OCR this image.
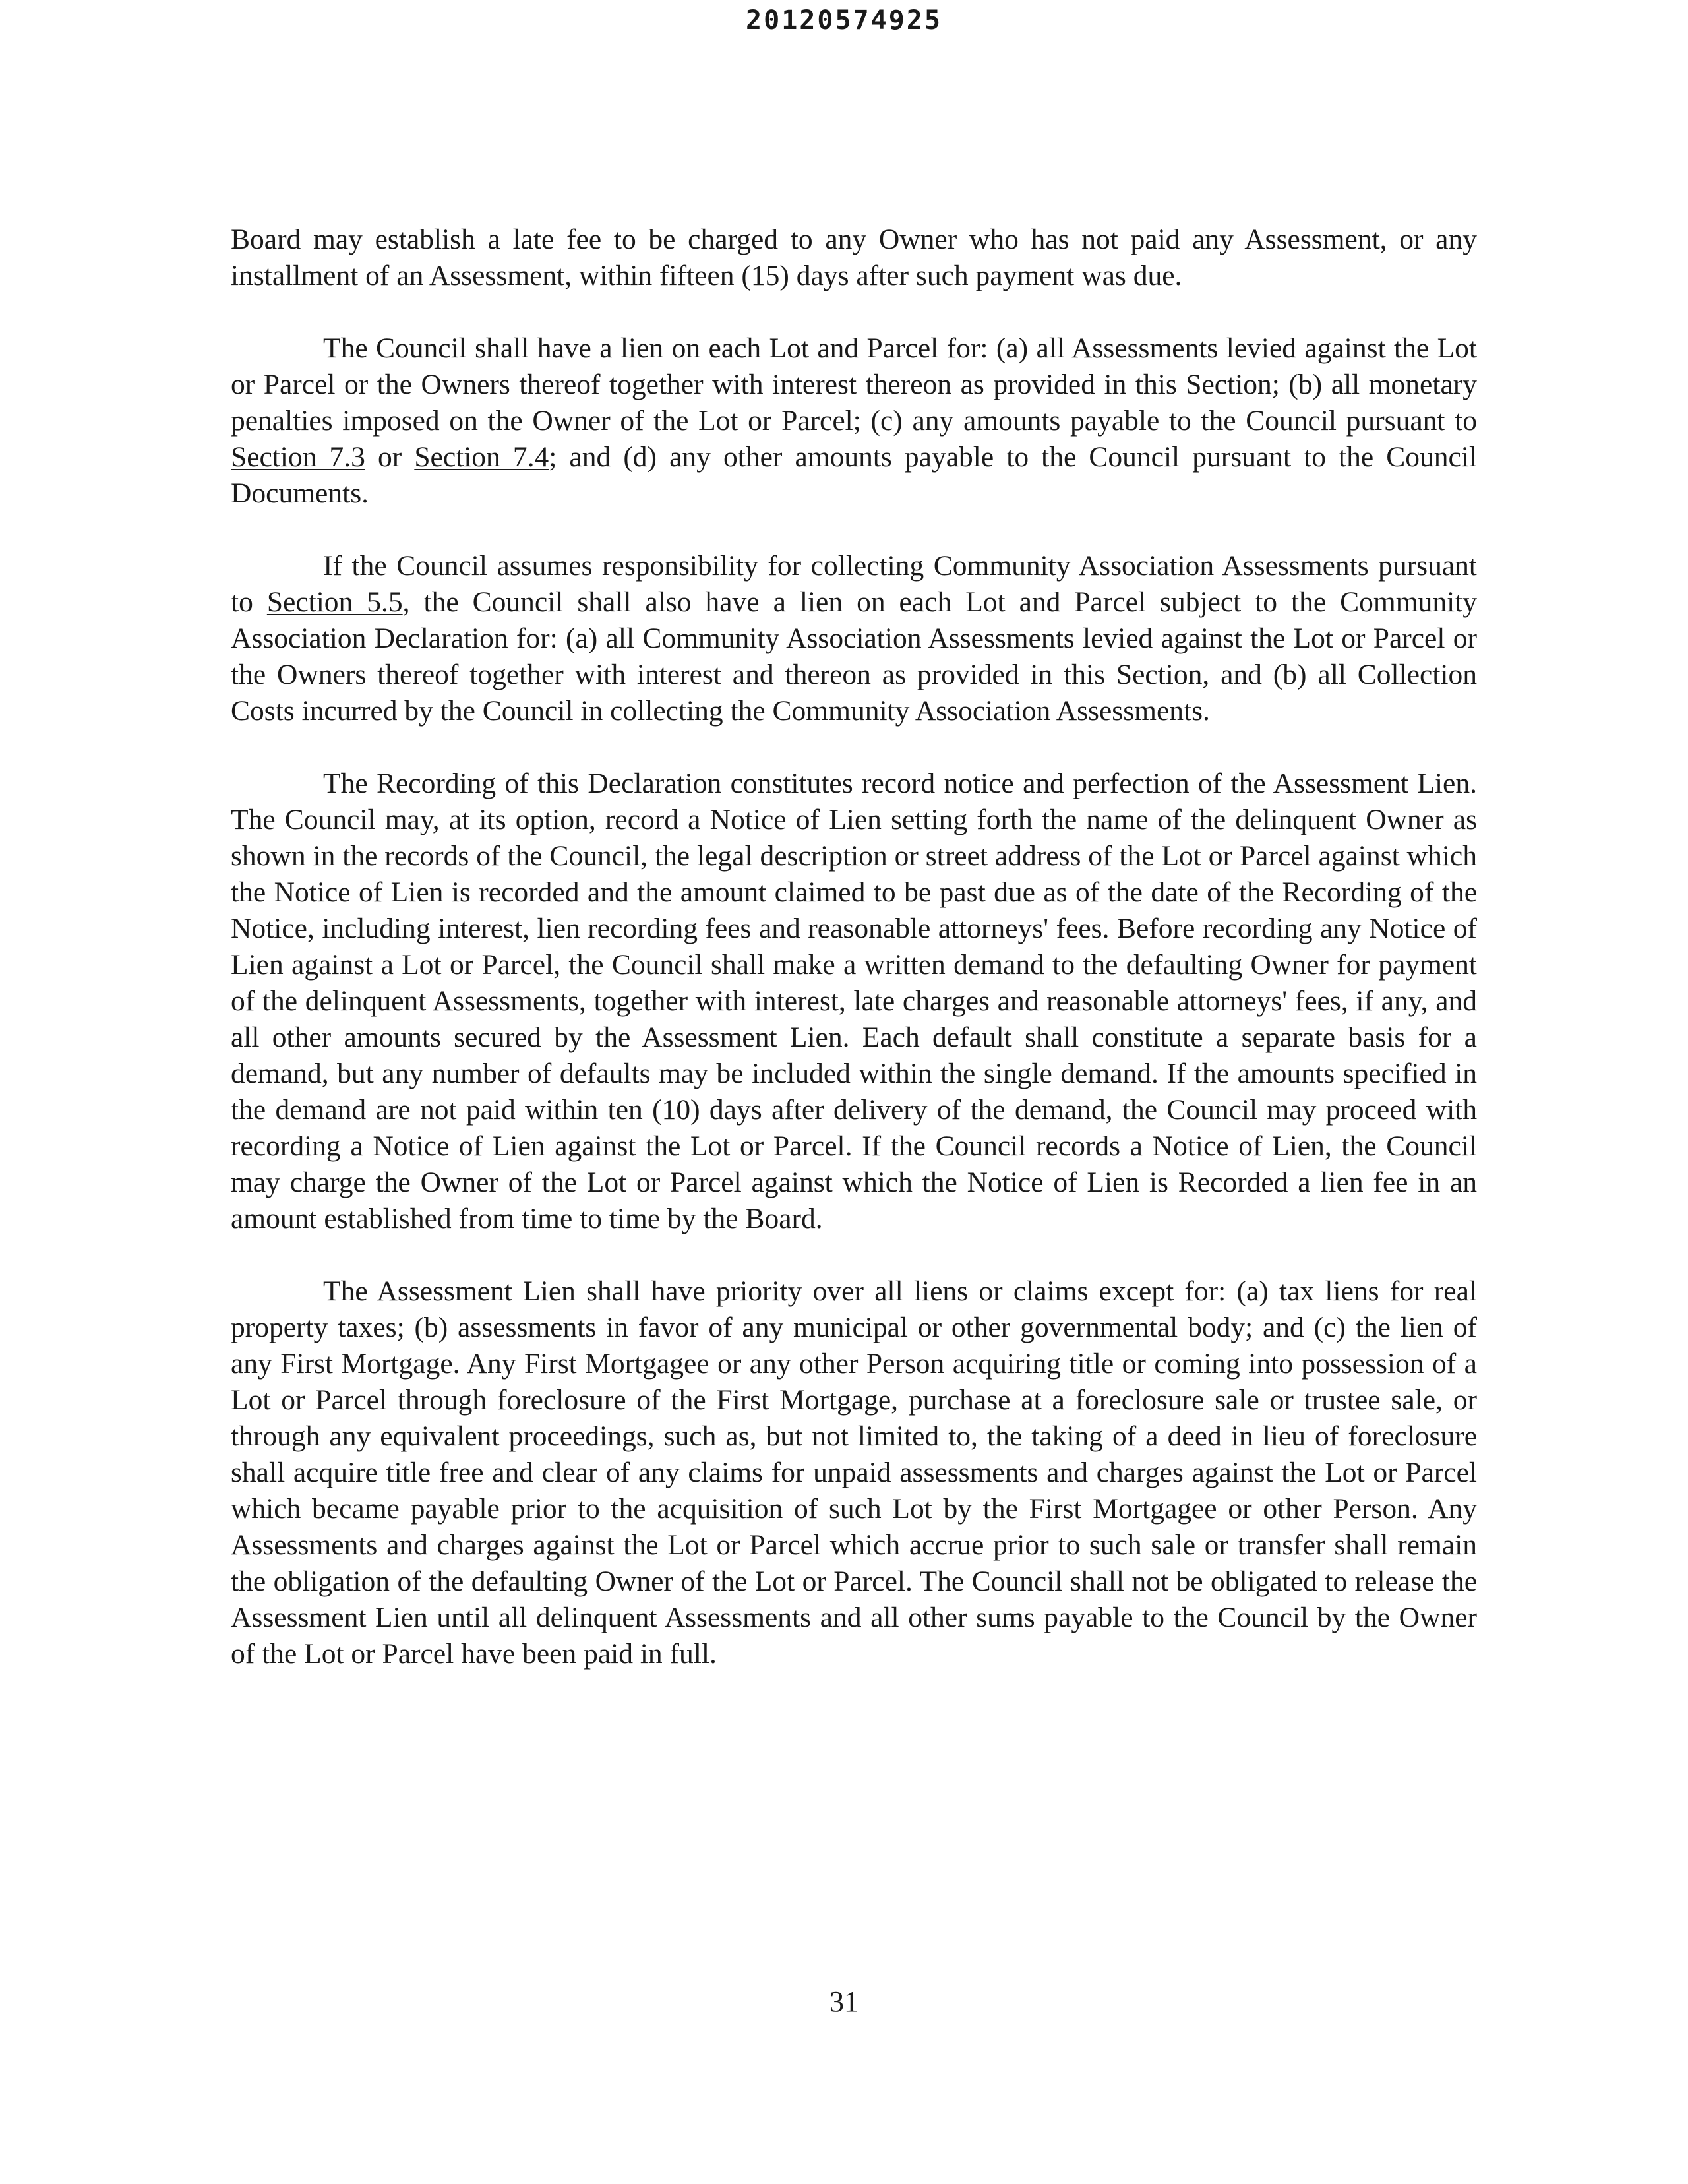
20120574925

Board may establish a late fee to be charged to any Owner who has not paid any Assessment, or any installment of an Assessment, within fifteen (15) days after such payment was due.

The Council shall have a lien on each Lot and Parcel for: (a) all Assessments levied against the Lot or Parcel or the Owners thereof together with interest thereon as provided in this Section; (b) all monetary penalties imposed on the Owner of the Lot or Parcel; (c) any amounts payable to the Council pursuant to Section 7.3 or Section 7.4; and (d) any other amounts payable to the Council pursuant to the Council Documents.

If the Council assumes responsibility for collecting Community Association Assessments pursuant to Section 5.5, the Council shall also have a lien on each Lot and Parcel subject to the Community Association Declaration for: (a) all Community Association Assessments levied against the Lot or Parcel or the Owners thereof together with interest and thereon as provided in this Section, and (b) all Collection Costs incurred by the Council in collecting the Community Association Assessments.

The Recording of this Declaration constitutes record notice and perfection of the Assessment Lien. The Council may, at its option, record a Notice of Lien setting forth the name of the delinquent Owner as shown in the records of the Council, the legal description or street address of the Lot or Parcel against which the Notice of Lien is recorded and the amount claimed to be past due as of the date of the Recording of the Notice, including interest, lien recording fees and reasonable attorneys' fees. Before recording any Notice of Lien against a Lot or Parcel, the Council shall make a written demand to the defaulting Owner for payment of the delinquent Assessments, together with interest, late charges and reasonable attorneys' fees, if any, and all other amounts secured by the Assessment Lien. Each default shall constitute a separate basis for a demand, but any number of defaults may be included within the single demand. If the amounts specified in the demand are not paid within ten (10) days after delivery of the demand, the Council may proceed with recording a Notice of Lien against the Lot or Parcel. If the Council records a Notice of Lien, the Council may charge the Owner of the Lot or Parcel against which the Notice of Lien is Recorded a lien fee in an amount established from time to time by the Board.

The Assessment Lien shall have priority over all liens or claims except for: (a) tax liens for real property taxes; (b) assessments in favor of any municipal or other governmental body; and (c) the lien of any First Mortgage. Any First Mortgagee or any other Person acquiring title or coming into possession of a Lot or Parcel through foreclosure of the First Mortgage, purchase at a foreclosure sale or trustee sale, or through any equivalent proceedings, such as, but not limited to, the taking of a deed in lieu of foreclosure shall acquire title free and clear of any claims for unpaid assessments and charges against the Lot or Parcel which became payable prior to the acquisition of such Lot by the First Mortgagee or other Person. Any Assessments and charges against the Lot or Parcel which accrue prior to such sale or transfer shall remain the obligation of the defaulting Owner of the Lot or Parcel. The Council shall not be obligated to release the Assessment Lien until all delinquent Assessments and all other sums payable to the Council by the Owner of the Lot or Parcel have been paid in full.

31
